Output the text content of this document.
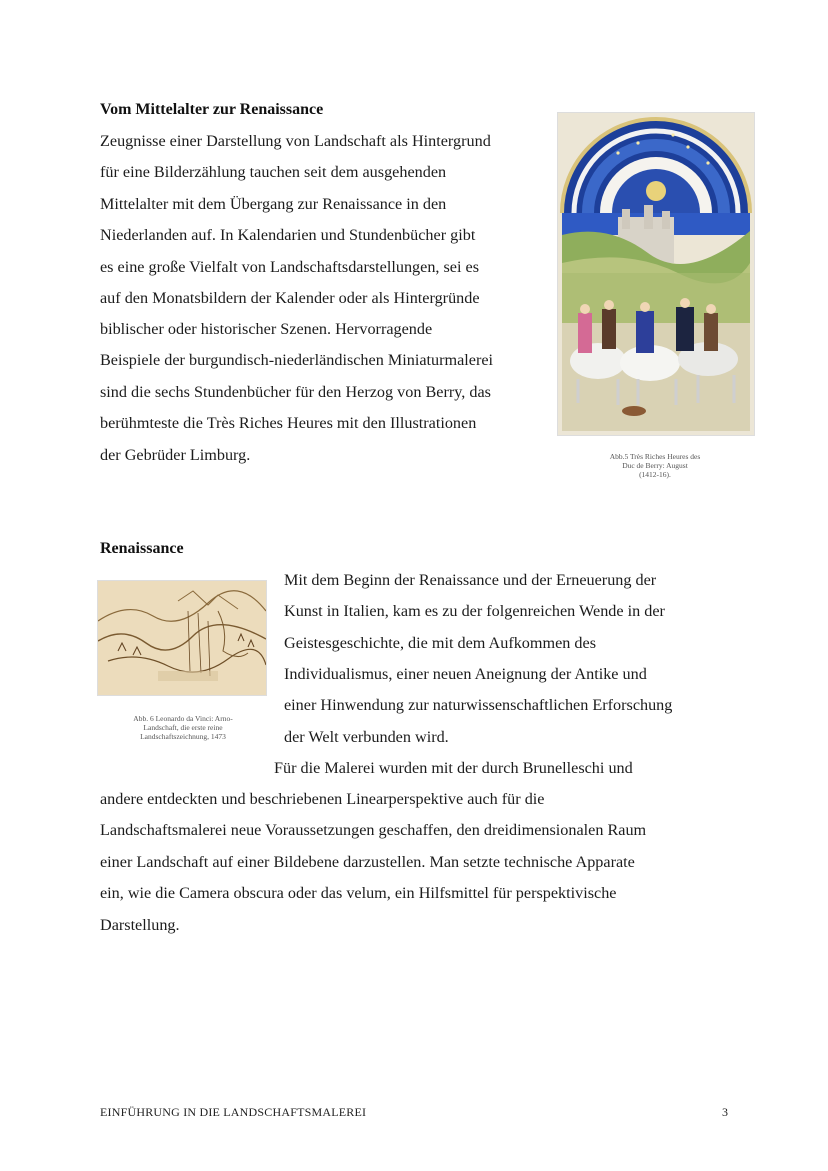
Vom Mittelalter zur Renaissance
Zeugnisse einer Darstellung von Landschaft als Hintergrund
für eine Bilderzählung tauchen seit dem ausgehenden
Mittelalter mit dem Übergang zur Renaissance in den
Niederlanden auf. In Kalendarien und Stundenbücher gibt
es eine große Vielfalt von Landschaftsdarstellungen, sei es
auf den Monatsbildern der Kalender oder als Hintergründe
biblischer oder historischer Szenen. Hervorragende
Beispiele der burgundisch-niederländischen Miniaturmalerei
sind die sechs Stundenbücher für den Herzog von Berry, das
berühmteste die Très Riches Heures mit den Illustrationen
der Gebrüder Limburg.	Abb.5 Très Riches Heures des
Duc de Berry: August
(1412-16).
Renaissance
Abb. 6 Leonardo da Vinci: Arno-
Landschaft, die erste reine
Landschaftszeichnung, 1473
Mit dem Beginn der Renaissance und der Erneuerung der
Kunst in Italien, kam es zu der folgenreichen Wende in der
Geistesgeschichte, die mit dem Aufkommen des
Individualismus, einer neuen Aneignung der Antike und
einer Hinwendung zur naturwissenschaftlichen Erforschung
der Welt verbunden wird.
Für die Malerei wurden mit der durch Brunelleschi und
andere entdeckten und beschriebenen Linearperspektive auch für die
Landschaftsmalerei neue Voraussetzungen geschaffen, den dreidimensionalen Raum
einer Landschaft auf einer Bildebene darzustellen. Man setzte technische Apparate
ein, wie die Camera obscura oder das velum, ein Hilfsmittel für perspektivische
Darstellung.
EINFÜHRUNG IN DIE LANDSCHAFTSMALEREI	3
